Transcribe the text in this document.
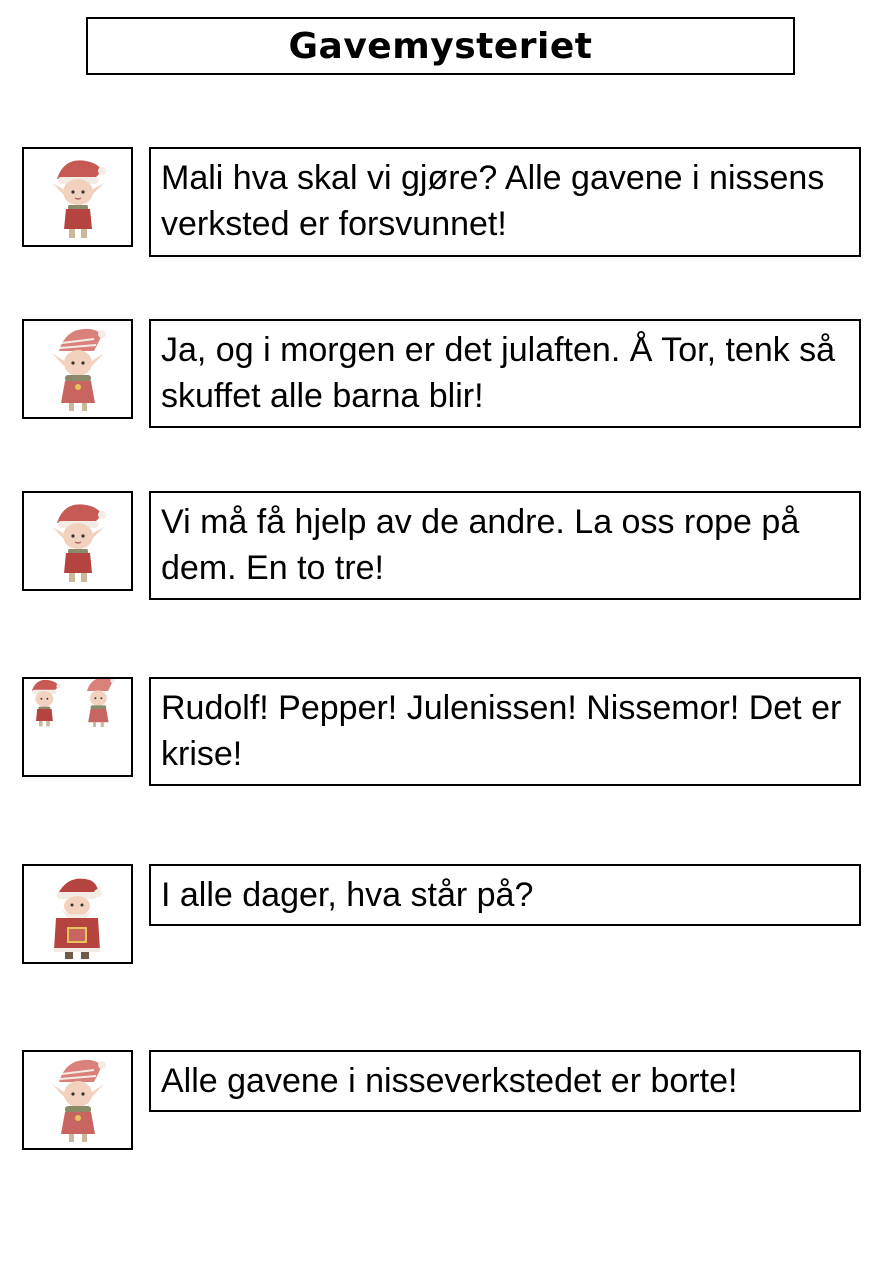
Gavemysteriet
Mali hva skal vi gjøre? Alle gavene i nissens verksted er forsvunnet!
Ja, og i morgen er det julaften. Å Tor, tenk så skuffet alle barna blir!
Vi må få hjelp av de andre. La oss rope på dem. En to tre!
Rudolf! Pepper! Julenissen! Nissemor! Det er krise!
I alle dager, hva står på?
Alle gavene i nisseverkstedet er borte!
